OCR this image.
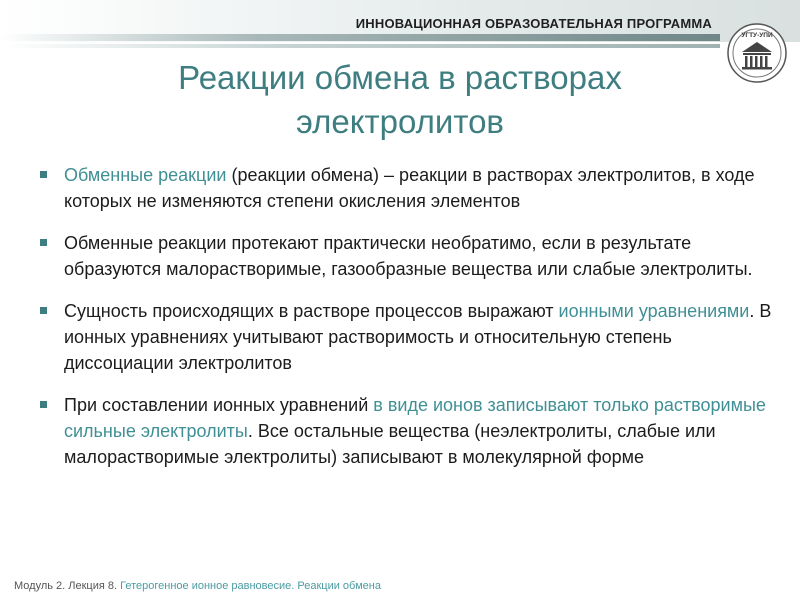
ИННОВАЦИОННАЯ ОБРАЗОВАТЕЛЬНАЯ ПРОГРАММА
УГТУ-УПИ
Реакции обмена в растворах
электролитов
Обменные реакции (реакции обмена) – реакции в растворах электролитов, в ходе которых не изменяются степени окисления элементов
Обменные реакции протекают практически необратимо, если в результате образуются малорастворимые, газообразные вещества или слабые электролиты.
Сущность происходящих в растворе процессов выражают ионными уравнениями. В ионных уравнениях учитывают растворимость и относительную степень диссоциации электролитов
При составлении ионных уравнений в виде ионов записывают только растворимые сильные электролиты. Все остальные вещества (неэлектролиты, слабые или малорастворимые электролиты) записывают в молекулярной форме
Модуль 2. Лекция 8. Гетерогенное ионное равновесие. Реакции обмена
